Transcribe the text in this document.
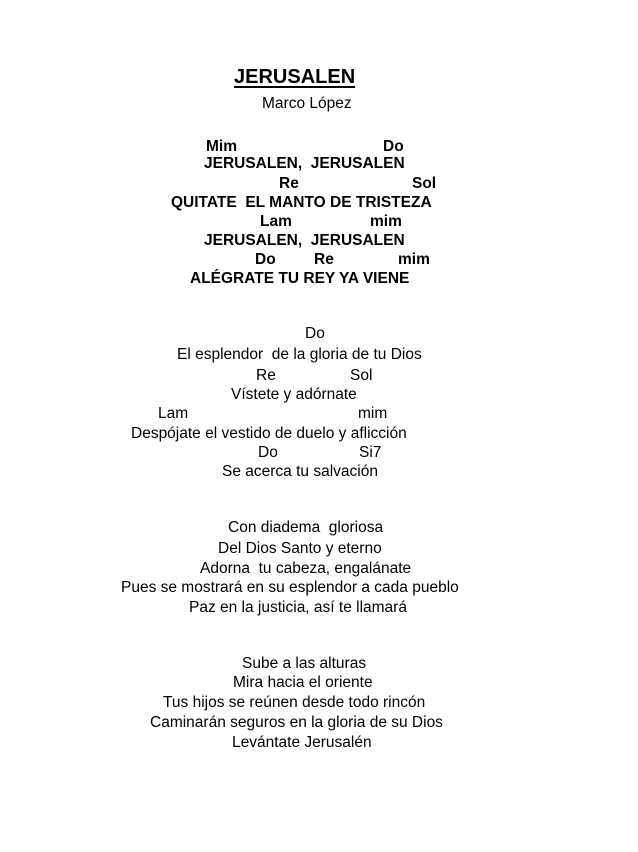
JERUSALEN
Marco López
Mim	Do
JERUSALEN,  JERUSALEN
Re	Sol
QUITATE  EL MANTO DE TRISTEZA
Lam	mim
JERUSALEN,  JERUSALEN
Do Re	mim
ALÉGRATE TU REY YA VIENE
Do
El esplendor  de la gloria de tu Dios
Re	Sol
Vístete y adórnate
Lam	mim
Despójate el vestido de duelo y aflicción
Do	Si7
Se acerca tu salvación
Con diadema  gloriosa
Del Dios Santo y eterno
Adorna  tu cabeza, engalánate
Pues se mostrará en su esplendor a cada pueblo
Paz en la justicia, así te llamará
Sube a las alturas
Mira hacia el oriente
Tus hijos se reúnen desde todo rincón
Caminarán seguros en la gloria de su Dios
Levántate Jerusalén
